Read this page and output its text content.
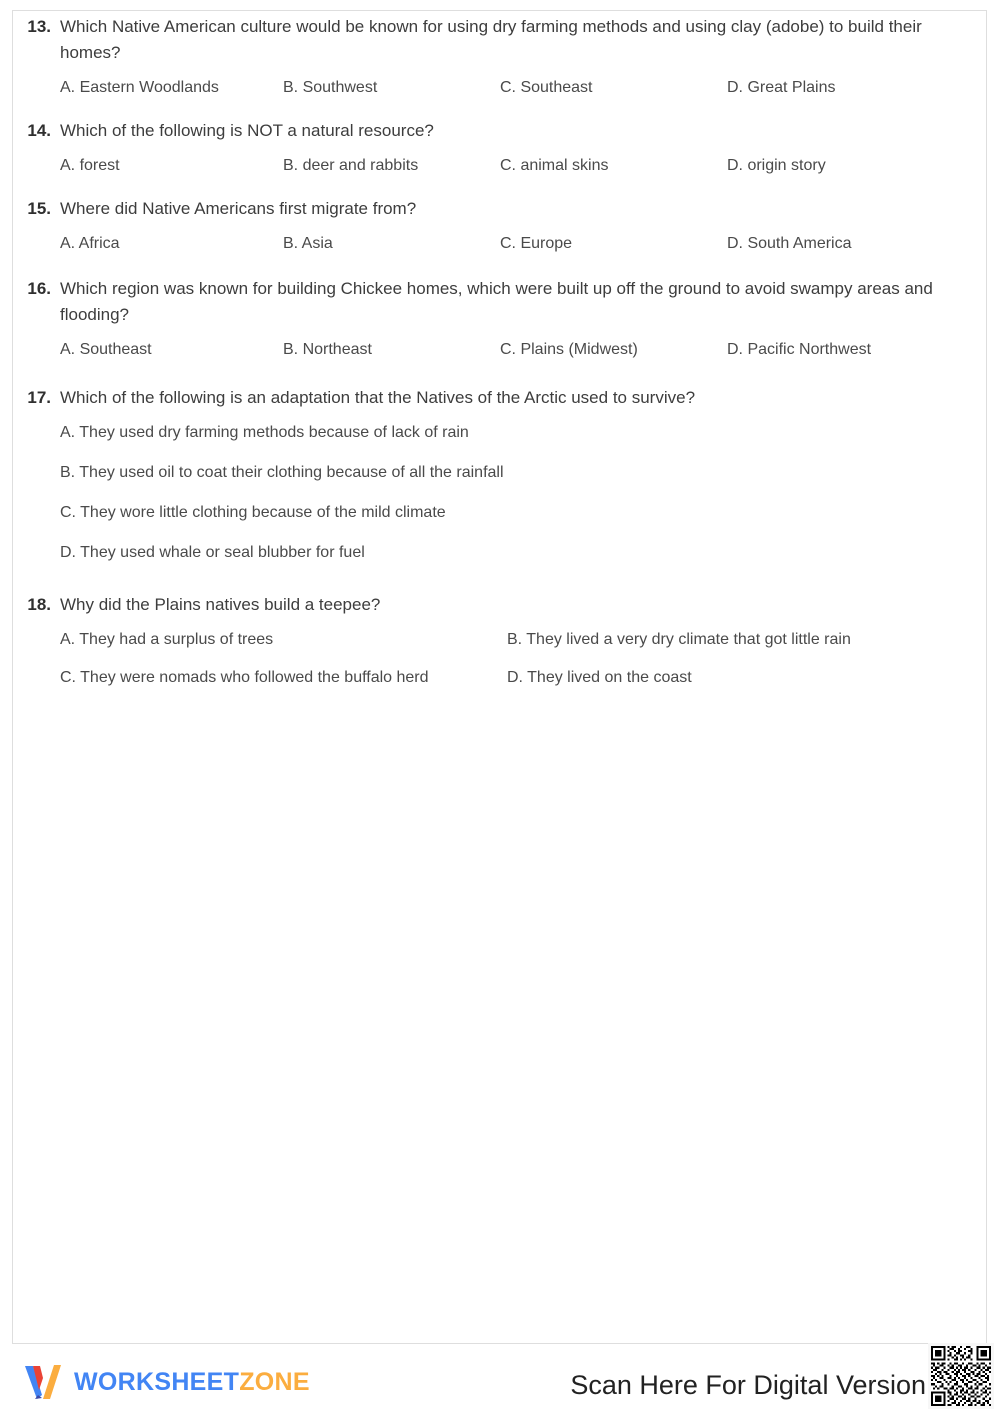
13. Which Native American culture would be known for using dry farming methods and using clay (adobe) to build their homes?
A. Eastern Woodlands	B. Southwest	C. Southeast	D. Great Plains
14. Which of the following is NOT a natural resource?
A. forest	B. deer and rabbits	C. animal skins	D. origin story
15. Where did Native Americans first migrate from?
A. Africa	B. Asia	C. Europe	D. South America
16. Which region was known for building Chickee homes, which were built up off the ground to avoid swampy areas and flooding?
A. Southeast	B. Northeast	C. Plains (Midwest)	D. Pacific Northwest
17. Which of the following is an adaptation that the Natives of the Arctic used to survive?
A. They used dry farming methods because of lack of rain
B. They used oil to coat their clothing because of all the rainfall
C. They wore little clothing because of the mild climate
D. They used whale or seal blubber for fuel
18. Why did the Plains natives build a teepee?
A. They had a surplus of trees	B. They lived a very dry climate that got little rain
C. They were nomads who followed the buffalo herd	D. They lived on the coast
WORKSHEETZONE	Scan Here For Digital Version
